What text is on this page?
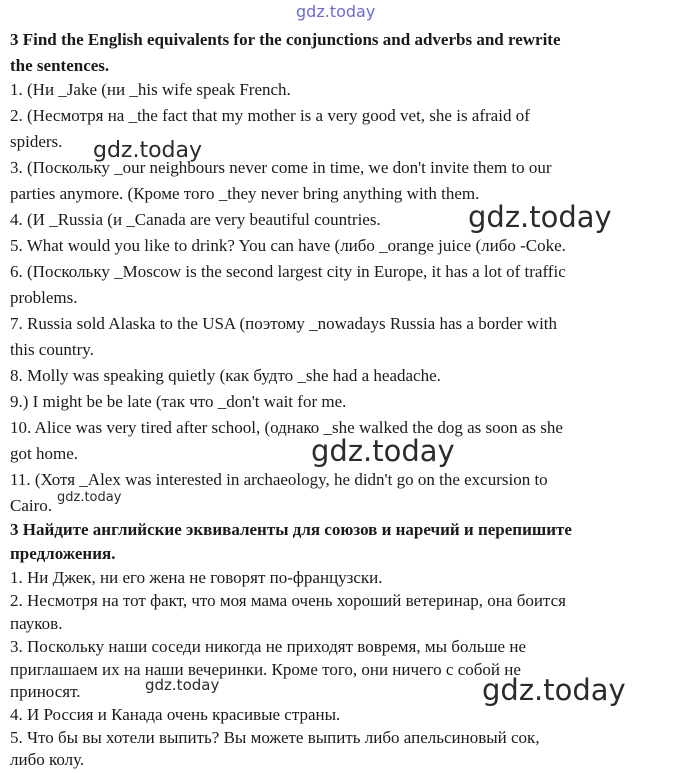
gdz.today
3 Find the English equivalents for the conjunctions and adverbs and rewrite
the sentences.
1. (Ни _Jake (ни _his wife speak French.
2. (Несмотря на _the fact that my mother is a very good vet, she is afraid of
spiders.
3. (Поскольку _our neighbours never come in time, we don't invite them to our
parties anymore. (Кроме того _they never bring anything with them.
4. (И _Russia (и _Canada are very beautiful countries.
5. What would you like to drink? You can have (либо _orange juice (либо -Coke.
6. (Поскольку _Moscow is the second largest city in Europe, it has a lot of traffic
problems.
7. Russia sold Alaska to the USA (поэтому _nowadays Russia has a border with
this country.
8. Molly was speaking quietly (как будто _she had a headache.
9.) I might be be late (так что _don't wait for me.
10. Alice was very tired after school, (однако _she walked the dog as soon as she
got home.
11. (Хотя _Alex was interested in archaeology, he didn't go on the excursion to
Cairo.
3 Найдите английские эквиваленты для союзов и наречий и перепишите
предложения.
1. Ни Джек, ни его жена не говорят по-французски.
2. Несмотря на тот факт, что моя мама очень хороший ветеринар, она боится
пауков.
3. Поскольку наши соседи никогда не приходят вовремя, мы больше не
приглашаем их на наши вечеринки. Кроме того, они ничего с собой не
приносят.
4. И Россия и Канада очень красивые страны.
5. Что бы вы хотели выпить? Вы можете выпить либо апельсиновый сок,
либо колу.
gdz.today
gdz.today
gdz.today
gdz.today
gdz.today	gdz.today
